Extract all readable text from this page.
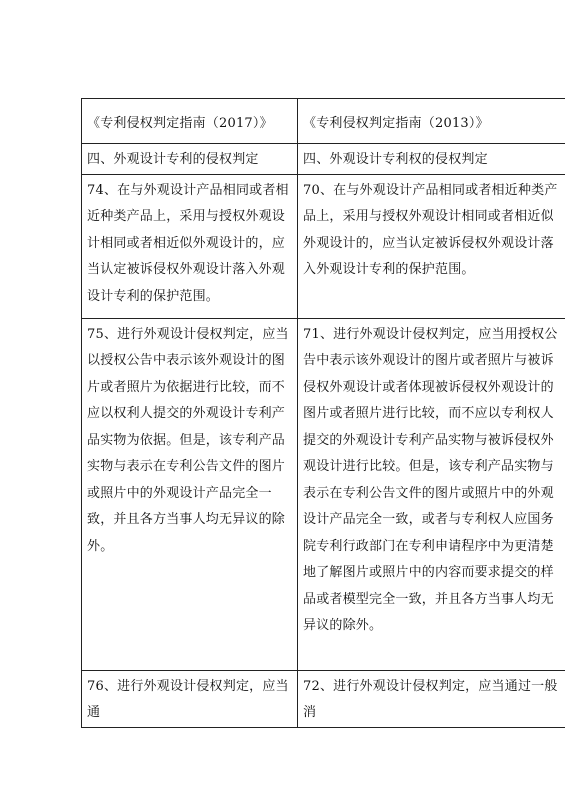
《专利侵权判定指南（2017）》	《专利侵权判定指南（2013）》

四、外观设计专利的侵权判定	四、外观设计专利权的侵权判定

74、在与外观设计产品相同或者相近种类产品上，采用与授权外观设计相同或者相近似外观设计的，应当认定被诉侵权外观设计落入外观设计专利的保护范围。	70、在与外观设计产品相同或者相近种类产品上，采用与授权外观设计相同或者相近似外观设计的，应当认定被诉侵权外观设计落入外观设计专利的保护范围。

75、进行外观设计侵权判定，应当以授权公告中表示该外观设计的图片或者照片为依据进行比较，而不应以权利人提交的外观设计专利产品实物为依据。但是，该专利产品实物与表示在专利公告文件的图片或照片中的外观设计产品完全一致，并且各方当事人均无异议的除外。	71、进行外观设计侵权判定，应当用授权公告中表示该外观设计的图片或者照片与被诉侵权外观设计或者体现被诉侵权外观设计的图片或者照片进行比较，而不应以专利权人提交的外观设计专利产品实物与被诉侵权外观设计进行比较。但是，该专利产品实物与表示在专利公告文件的图片或照片中的外观设计产品完全一致，或者与专利权人应国务院专利行政部门在专利申请程序中为更清楚地了解图片或照片中的内容而要求提交的样品或者模型完全一致，并且各方当事人均无异议的除外。

76、进行外观设计侵权判定，应当通	72、进行外观设计侵权判定，应当通过一般消
